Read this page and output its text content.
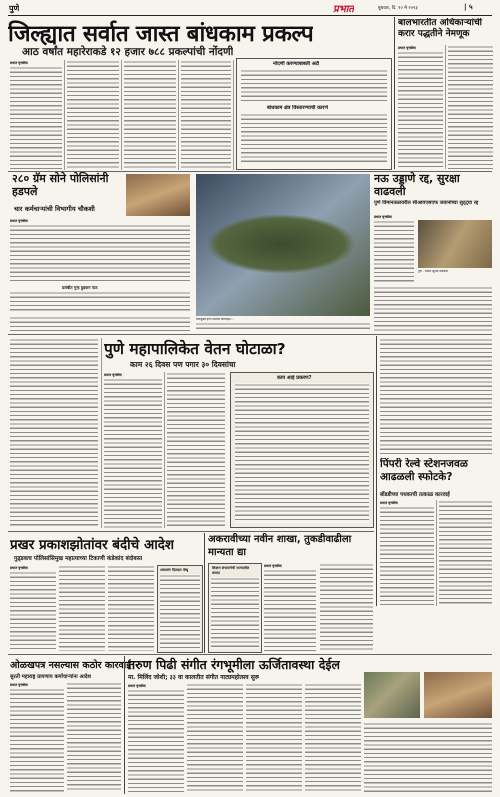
पुणे	प्रभात	बुधवार, दि. १० मे २०२३	| ५
जिल्ह्यात सर्वात जास्त बांधकाम प्रकल्प
आठ वर्षांत महारेराकडे १२ हजार ७८८ प्रकल्पांची नोंदणी
प्रभात वृत्तसेवा	नोंदणी करण्याबाबती अटी
बांधकाम क्षेत्र विस्तारण्याची कारणे
बालभारतीत अधिकाऱ्यांची करार पद्धतीने नेमणूक
प्रभात वृत्तसेवा
२८० ग्रॅम सोने पोलिसांनी हडपले
चार कर्मचाऱ्यांची विभागीय चौकशी
प्रभात वृत्तसेवा
प्रलंबीत गुन्ह हुडकन पाठ
रस्ताडुडेड होंगा पोलीस कार्रवाहन...
नऊ उड्डाणे रद्द, सुरक्षा वाढवली
पुणे विमानतळावरील सीआयएसएफ जवानांच्या सुट्ट्या रद्द
प्रभात वृत्तसेवा
पुणे : येथील सुरक्षा वाढवली
पुणे महापालिकेत वेतन घोटाळा?
काम २६ दिवस पण पगार ३० दिवसांचा
प्रभात वृत्तसेवा	काय आहे प्रकरण?
पिंपरी रेल्वे स्टेशनजवळ आढळली स्फोटके?
बोंडडीच्या पथकाची तत्काळ कारवाई
प्रभात वृत्तसेवा
प्रखर प्रकाशझोतांवर बंदीचे आदेश
गुढ्डकच पोलिसांसिमुख महात्याच्या टिकाणी कंडेकांद बंदोबस्त
प्रभात वृत्तसेवा	अधरसंग दिलदार वेब्यू
अकरावीच्या नवीन शाखा, तुकडीवाढीला मान्यता द्या
शिक्षण संचालनेची राज्यातील कमात
प्रभात वृत्तसेवा
ओळखपत्र नसल्यास कठोर कारवाई
सुरती महाराष्ट्र प्रायणाय कर्माचाऱ्यांना आदेश
प्रभात वृत्तसेवा
तरुण पिढी संगीत रंगभूमीला ऊर्जितावस्था देईल
मा. मिलिंद जोशी; ३३ वा कालतीत संगीत नाट्यमहोत्सव सुरू
प्रभात वृत्तसेवा
